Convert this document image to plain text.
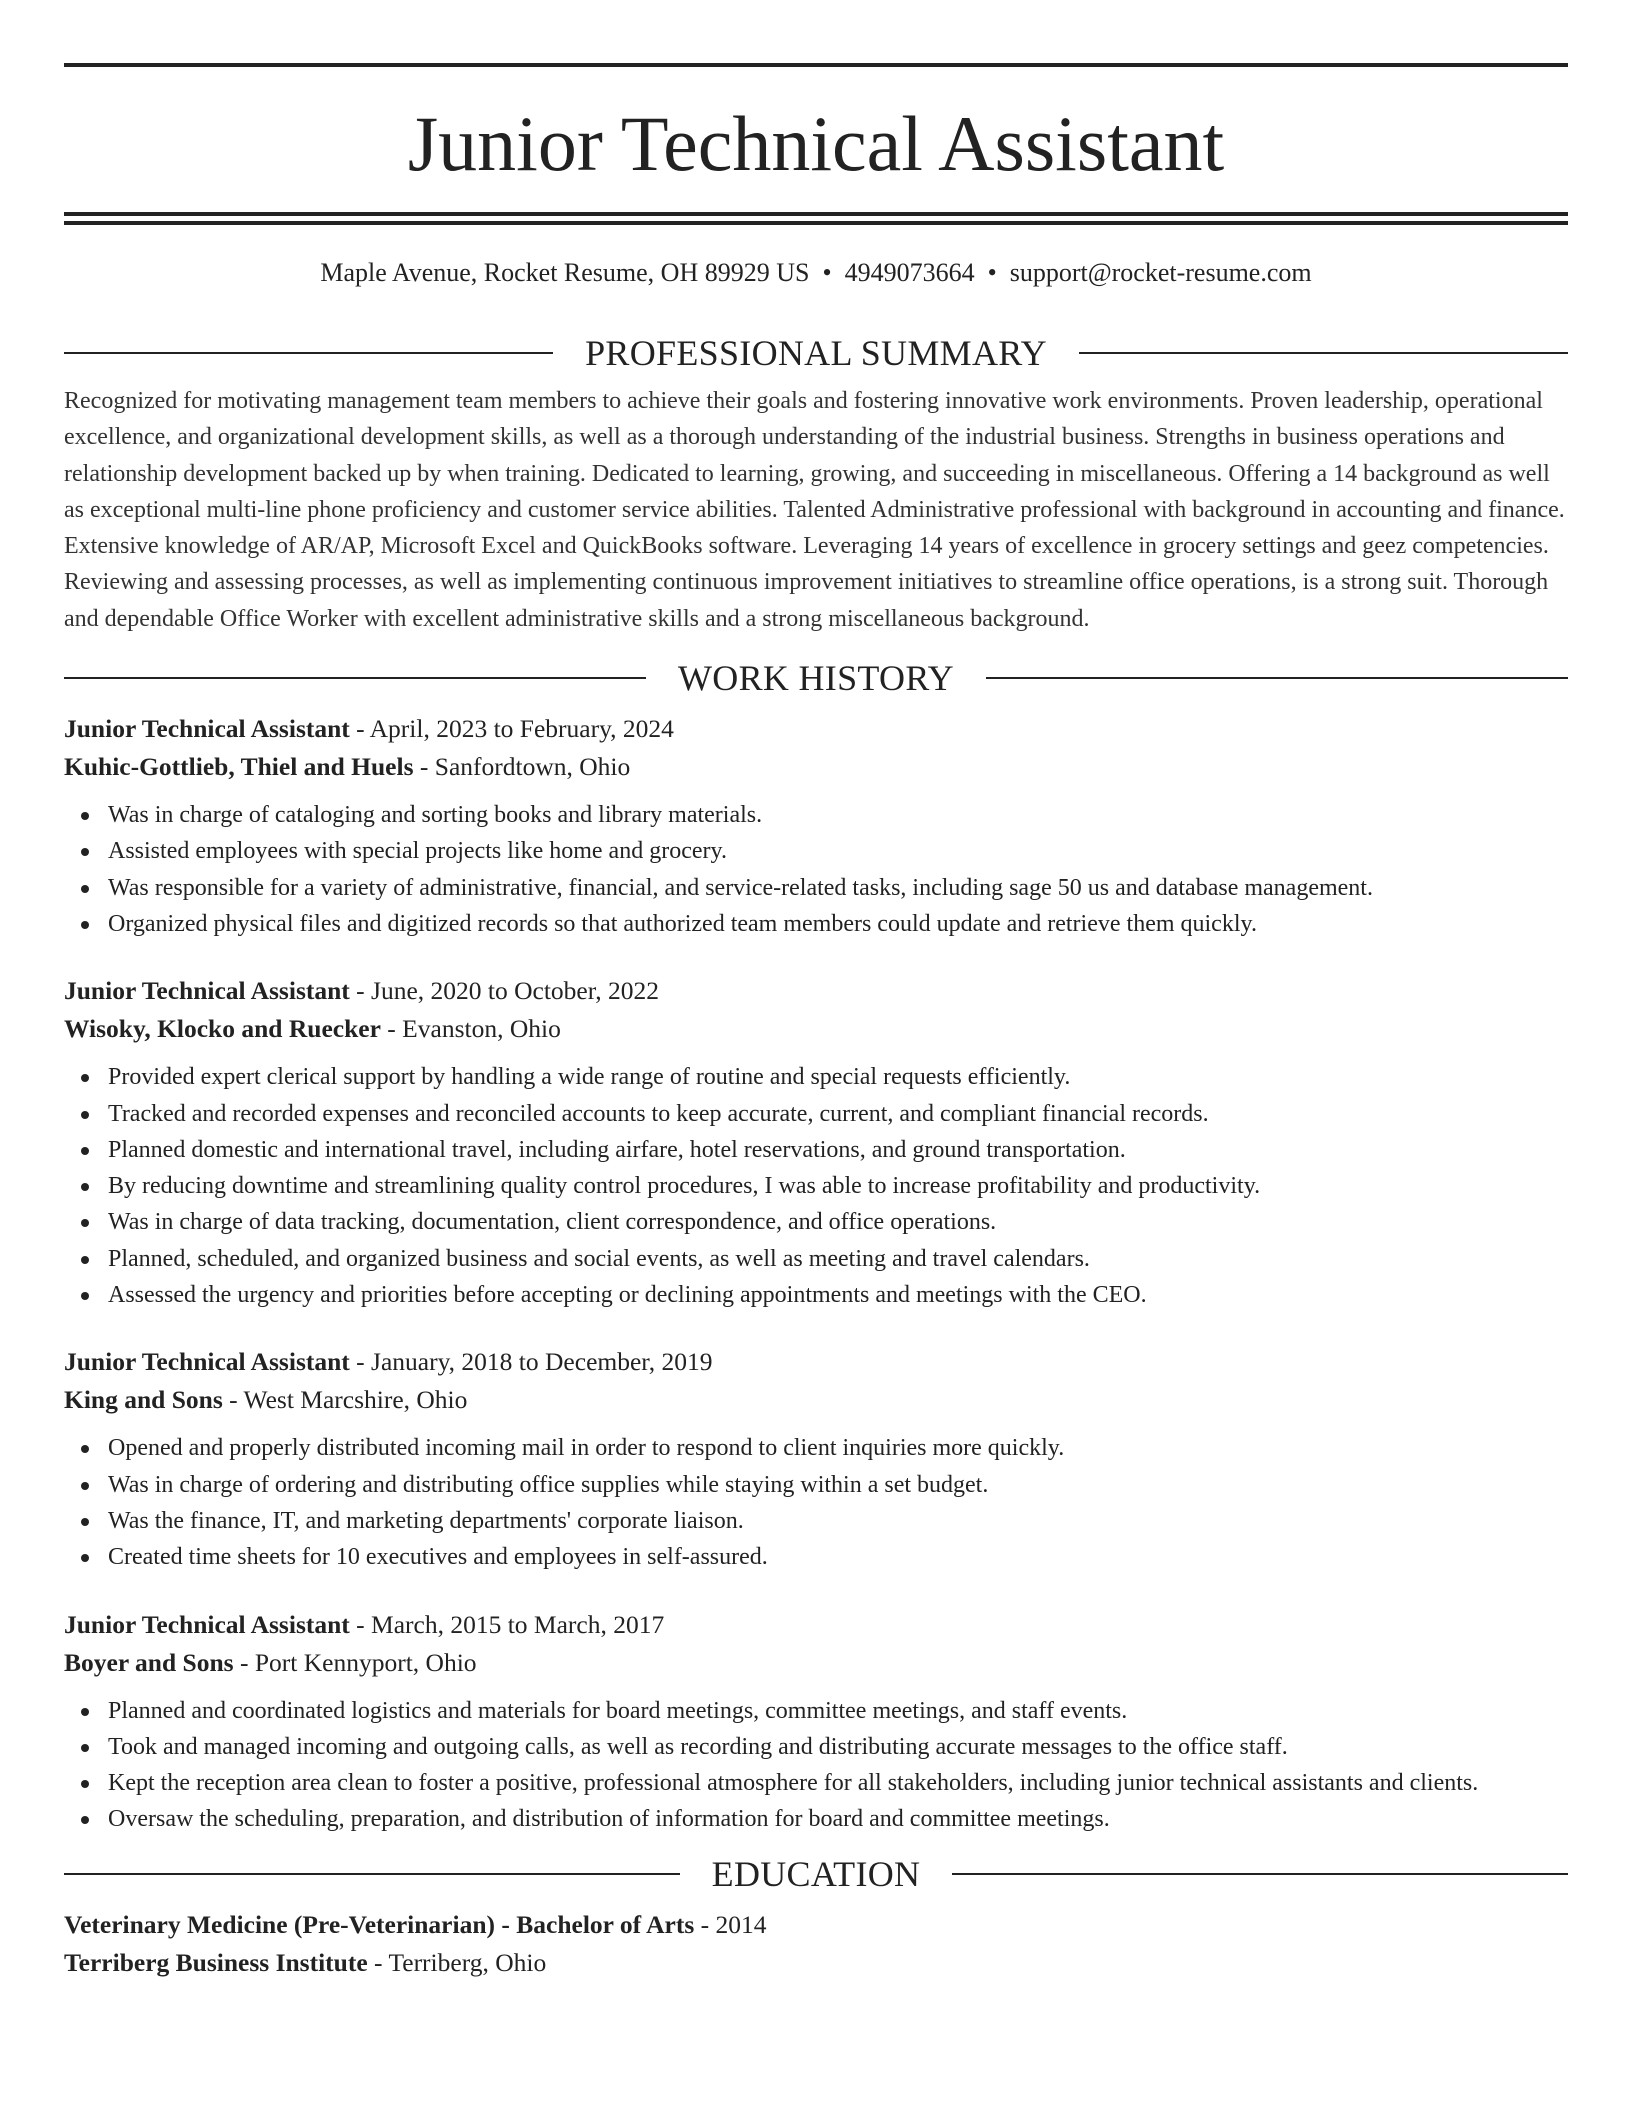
Junior Technical Assistant
Maple Avenue, Rocket Resume, OH 89929 US • 4949073664 • support@rocket-resume.com
PROFESSIONAL SUMMARY
Recognized for motivating management team members to achieve their goals and fostering innovative work environments. Proven leadership, operational excellence, and organizational development skills, as well as a thorough understanding of the industrial business. Strengths in business operations and relationship development backed up by when training. Dedicated to learning, growing, and succeeding in miscellaneous. Offering a 14 background as well as exceptional multi-line phone proficiency and customer service abilities. Talented Administrative professional with background in accounting and finance. Extensive knowledge of AR/AP, Microsoft Excel and QuickBooks software. Leveraging 14 years of excellence in grocery settings and geez competencies. Reviewing and assessing processes, as well as implementing continuous improvement initiatives to streamline office operations, is a strong suit. Thorough and dependable Office Worker with excellent administrative skills and a strong miscellaneous background.
WORK HISTORY
Junior Technical Assistant - April, 2023 to February, 2024
Kuhic-Gottlieb, Thiel and Huels - Sanfordtown, Ohio
Was in charge of cataloging and sorting books and library materials.
Assisted employees with special projects like home and grocery.
Was responsible for a variety of administrative, financial, and service-related tasks, including sage 50 us and database management.
Organized physical files and digitized records so that authorized team members could update and retrieve them quickly.
Junior Technical Assistant - June, 2020 to October, 2022
Wisoky, Klocko and Ruecker - Evanston, Ohio
Provided expert clerical support by handling a wide range of routine and special requests efficiently.
Tracked and recorded expenses and reconciled accounts to keep accurate, current, and compliant financial records.
Planned domestic and international travel, including airfare, hotel reservations, and ground transportation.
By reducing downtime and streamlining quality control procedures, I was able to increase profitability and productivity.
Was in charge of data tracking, documentation, client correspondence, and office operations.
Planned, scheduled, and organized business and social events, as well as meeting and travel calendars.
Assessed the urgency and priorities before accepting or declining appointments and meetings with the CEO.
Junior Technical Assistant - January, 2018 to December, 2019
King and Sons - West Marcshire, Ohio
Opened and properly distributed incoming mail in order to respond to client inquiries more quickly.
Was in charge of ordering and distributing office supplies while staying within a set budget.
Was the finance, IT, and marketing departments' corporate liaison.
Created time sheets for 10 executives and employees in self-assured.
Junior Technical Assistant - March, 2015 to March, 2017
Boyer and Sons - Port Kennyport, Ohio
Planned and coordinated logistics and materials for board meetings, committee meetings, and staff events.
Took and managed incoming and outgoing calls, as well as recording and distributing accurate messages to the office staff.
Kept the reception area clean to foster a positive, professional atmosphere for all stakeholders, including junior technical assistants and clients.
Oversaw the scheduling, preparation, and distribution of information for board and committee meetings.
EDUCATION
Veterinary Medicine (Pre-Veterinarian) - Bachelor of Arts - 2014
Terriberg Business Institute - Terriberg, Ohio
